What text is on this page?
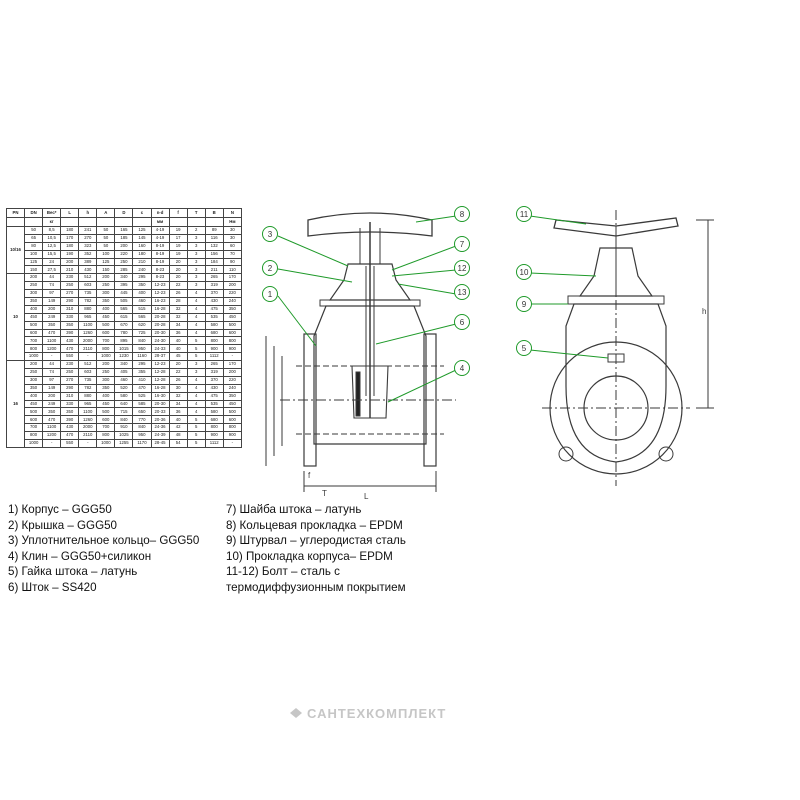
PN	DN	Вес*	L	h	A	D	c	n-d	f	T	B	N
		кг						мм				Нм
10/16	50	8,5	180	241	50	165	125	4-19	19	2	89	30
	65	10,5	170	270	50	185	145	4-19	17	3	116	30
	80	12,5	180	323	50	200	160	8-19	19	3	132	60
	100	15,5	190	352	100	220	180	8-19	19	3	156	70
	125	24	200	389	125	250	210	8-19	20	3	184	90
	150	27,5	210	430	150	285	240	8-23	20	3	211	110
10	200	44	230	512	200	340	295	8-23	20	3	265	170
	250	74	250	603	250	395	350	12-23	22	3	319	200
	300	97	270	735	300	445	400	12-23	26	4	370	220
	350	149	290	782	350	505	460	16-23	28	4	430	240
	400	200	310	880	400	565	515	16-28	32	4	475	350
	450	249	330	965	450	615	565	20-28	32	4	535	450
	500	350	350	1100	500	670	620	20-28	34	4	580	500
	600	470	390	1260	600	780	725	20-30	36	4	680	600
	700	1100	430	2000	700	895	840	24-30	40	5	800	800
	800	1200	470	2110	800	1015	950	24-33	40	5	900	900
	1000	-	550	-	1000	1230	1160	28-37	45	5	1112	-
16	200	44	230	512	200	340	295	12-23	20	3	265	170
	250	74	250	603	250	405	355	12-28	22	3	319	200
	300	97	270	735	300	460	410	12-28	26	4	370	220
	350	149	290	782	350	520	470	16-28	30	4	430	240
	400	200	310	880	400	580	525	16-30	32	4	475	350
	450	249	330	965	450	640	585	20-30	34	4	535	450
	500	350	350	1100	500	715	650	20-33	36	4	580	500
	600	470	390	1260	600	840	770	20-36	40	5	680	600
	700	1100	430	2000	700	910	840	24-36	42	5	800	800
	800	1200	470	2110	800	1025	950	24-39	48	5	900	900
	1000	-	550	-	1000	1255	1170	28-45	54	5	1112	-
L
f
T
h
1
2
3
4
6
7
8
12
13
11
10
9
5
1) Корпус – GGG50
2) Крышка – GGG50
3) Уплотнительное кольцо– GGG50
4) Клин – GGG50+силикон
5) Гайка штока – латунь
6) Шток – SS420
7) Шайба штока – латунь
8) Кольцевая прокладка – EPDM
9) Штурвал – углеродистая сталь
10) Прокладка корпуса– EPDM
11-12) Болт – сталь с
термодиффузионным покрытием
САНТЕХКОМПЛЕКТ
